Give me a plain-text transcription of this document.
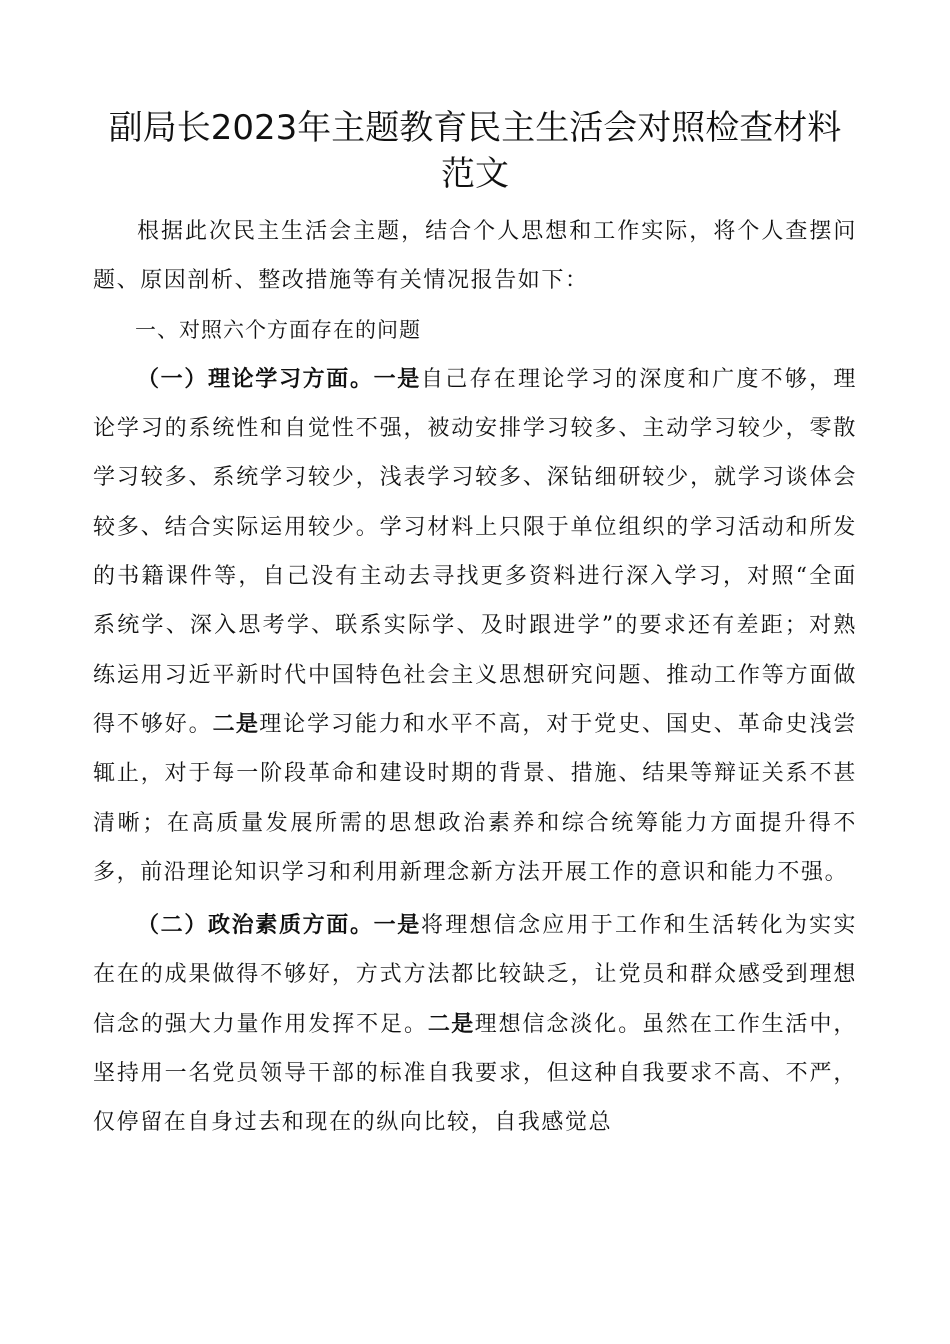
副局长2023年主题教育民主生活会对照检查材料
范文

根据此次民主生活会主题，结合个人思想和工作实际，将个人查摆问题、原因剖析、整改措施等有关情况报告如下：

一、对照六个方面存在的问题

（一）理论学习方面。一是自己存在理论学习的深度和广度不够，理论学习的系统性和自觉性不强，被动安排学习较多、主动学习较少，零散学习较多、系统学习较少，浅表学习较多、深钻细研较少，就学习谈体会较多、结合实际运用较少。学习材料上只限于单位组织的学习活动和所发的书籍课件等，自己没有主动去寻找更多资料进行深入学习，对照“全面系统学、深入思考学、联系实际学、及时跟进学”的要求还有差距；对熟练运用习近平新时代中国特色社会主义思想研究问题、推动工作等方面做得不够好。二是理论学习能力和水平不高，对于党史、国史、革命史浅尝辄止，对于每一阶段革命和建设时期的背景、措施、结果等辩证关系不甚清晰；在高质量发展所需的思想政治素养和综合统筹能力方面提升得不多，前沿理论知识学习和利用新理念新方法开展工作的意识和能力不强。

（二）政治素质方面。一是将理想信念应用于工作和生活转化为实实在在的成果做得不够好，方式方法都比较缺乏，让党员和群众感受到理想信念的强大力量作用发挥不足。二是理想信念淡化。虽然在工作生活中，坚持用一名党员领导干部的标准自我要求，但这种自我要求不高、不严，仅停留在自身过去和现在的纵向比较，自我感觉总
